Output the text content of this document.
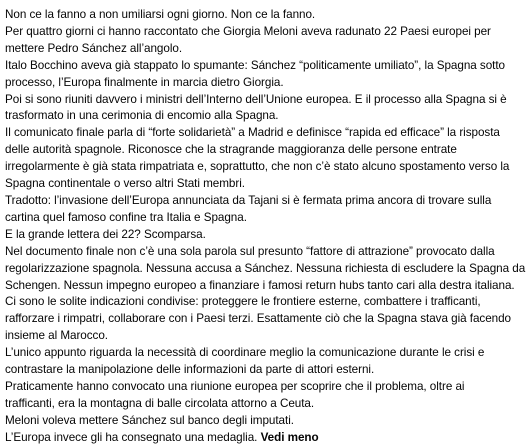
Non ce la fanno a non umiliarsi ogni giorno. Non ce la fanno.
Per quattro giorni ci hanno raccontato che Giorgia Meloni aveva radunato 22 Paesi europei per
mettere Pedro Sánchez all’angolo.
Italo Bocchino aveva già stappato lo spumante: Sánchez “politicamente umiliato”, la Spagna sotto
processo, l’Europa finalmente in marcia dietro Giorgia.
Poi si sono riuniti davvero i ministri dell’Interno dell’Unione europea. E il processo alla Spagna si è
trasformato in una cerimonia di encomio alla Spagna.
Il comunicato finale parla di “forte solidarietà” a Madrid e definisce “rapida ed efficace” la risposta
delle autorità spagnole. Riconosce che la stragrande maggioranza delle persone entrate
irregolarmente è già stata rimpatriata e, soprattutto, che non c’è stato alcuno spostamento verso la
Spagna continentale o verso altri Stati membri.
Tradotto: l’invasione dell’Europa annunciata da Tajani si è fermata prima ancora di trovare sulla
cartina quel famoso confine tra Italia e Spagna.
E la grande lettera dei 22? Scomparsa.
Nel documento finale non c’è una sola parola sul presunto “fattore di attrazione” provocato dalla
regolarizzazione spagnola. Nessuna accusa a Sánchez. Nessuna richiesta di escludere la Spagna da
Schengen. Nessun impegno europeo a finanziare i famosi return hubs tanto cari alla destra italiana.
Ci sono le solite indicazioni condivise: proteggere le frontiere esterne, combattere i trafficanti,
rafforzare i rimpatri, collaborare con i Paesi terzi. Esattamente ciò che la Spagna stava già facendo
insieme al Marocco.
L’unico appunto riguarda la necessità di coordinare meglio la comunicazione durante le crisi e
contrastare la manipolazione delle informazioni da parte di attori esterni.
Praticamente hanno convocato una riunione europea per scoprire che il problema, oltre ai
trafficanti, era la montagna di balle circolata attorno a Ceuta.
Meloni voleva mettere Sánchez sul banco degli imputati.
L’Europa invece gli ha consegnato una medaglia. Vedi meno
